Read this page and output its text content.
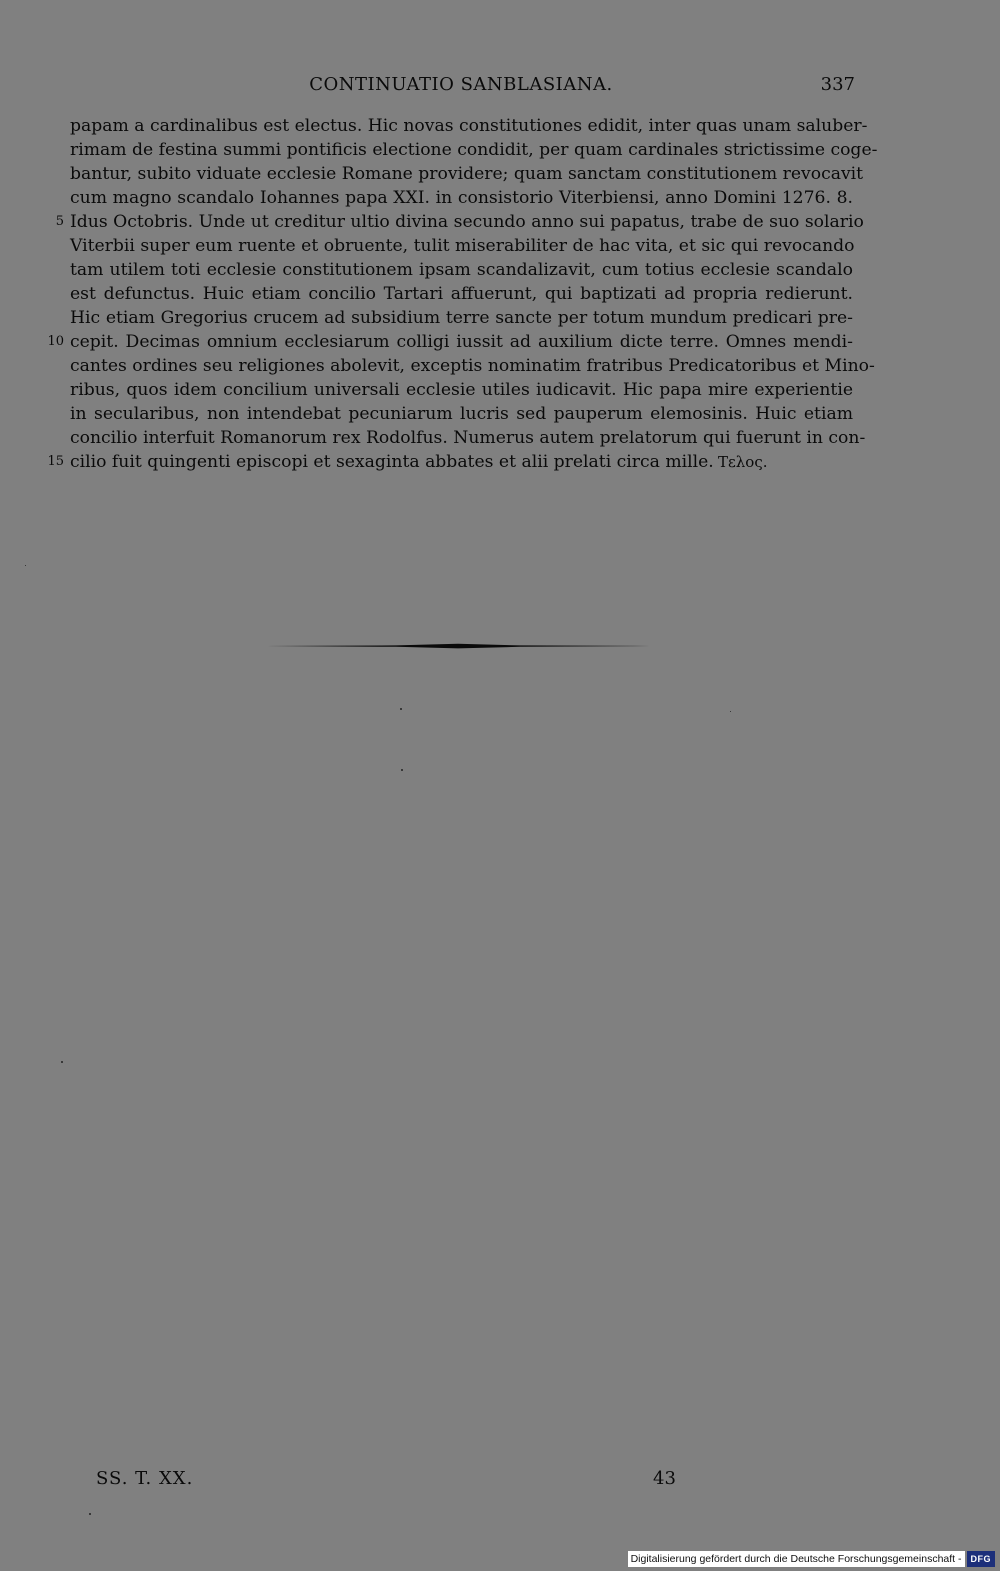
CONTINUATIO SANBLASIANA.	337
papam a cardinalibus est electus. Hic novas constitutiones edidit, inter quas unam saluber-
rimam de festina summi pontificis electione condidit, per quam cardinales strictissime coge-
bantur, subito viduate ecclesie Romane providere; quam sanctam constitutionem revocavit
cum magno scandalo Iohannes papa XXI. in consistorio Viterbiensi, anno Domini 1276. 8.
5 Idus Octobris. Unde ut creditur ultio divina secundo anno sui papatus, trabe de suo solario
Viterbii super eum ruente et obruente, tulit miserabiliter de hac vita, et sic qui revocando
tam utilem toti ecclesie constitutionem ipsam scandalizavit, cum totius ecclesie scandalo
est defunctus. Huic etiam concilio Tartari affuerunt, qui baptizati ad propria redierunt.
Hic etiam Gregorius crucem ad subsidium terre sancte per totum mundum predicari pre-
10 cepit. Decimas omnium ecclesiarum colligi iussit ad auxilium dicte terre. Omnes mendi-
cantes ordines seu religiones abolevit, exceptis nominatim fratribus Predicatoribus et Mino-
ribus, quos idem concilium universali ecclesie utiles iudicavit. Hic papa mire experientie
in secularibus, non intendebat pecuniarum lucris sed pauperum elemosinis. Huic etiam
concilio interfuit Romanorum rex Rodolfus. Numerus autem prelatorum qui fuerunt in con-
15 cilio fuit quingenti episcopi et sexaginta abbates et alii prelati circa mille. Τελος.
SS. T. XX.	43
Digitalisierung gefördert durch die Deutsche Forschungsgemeinschaft -	DFG
